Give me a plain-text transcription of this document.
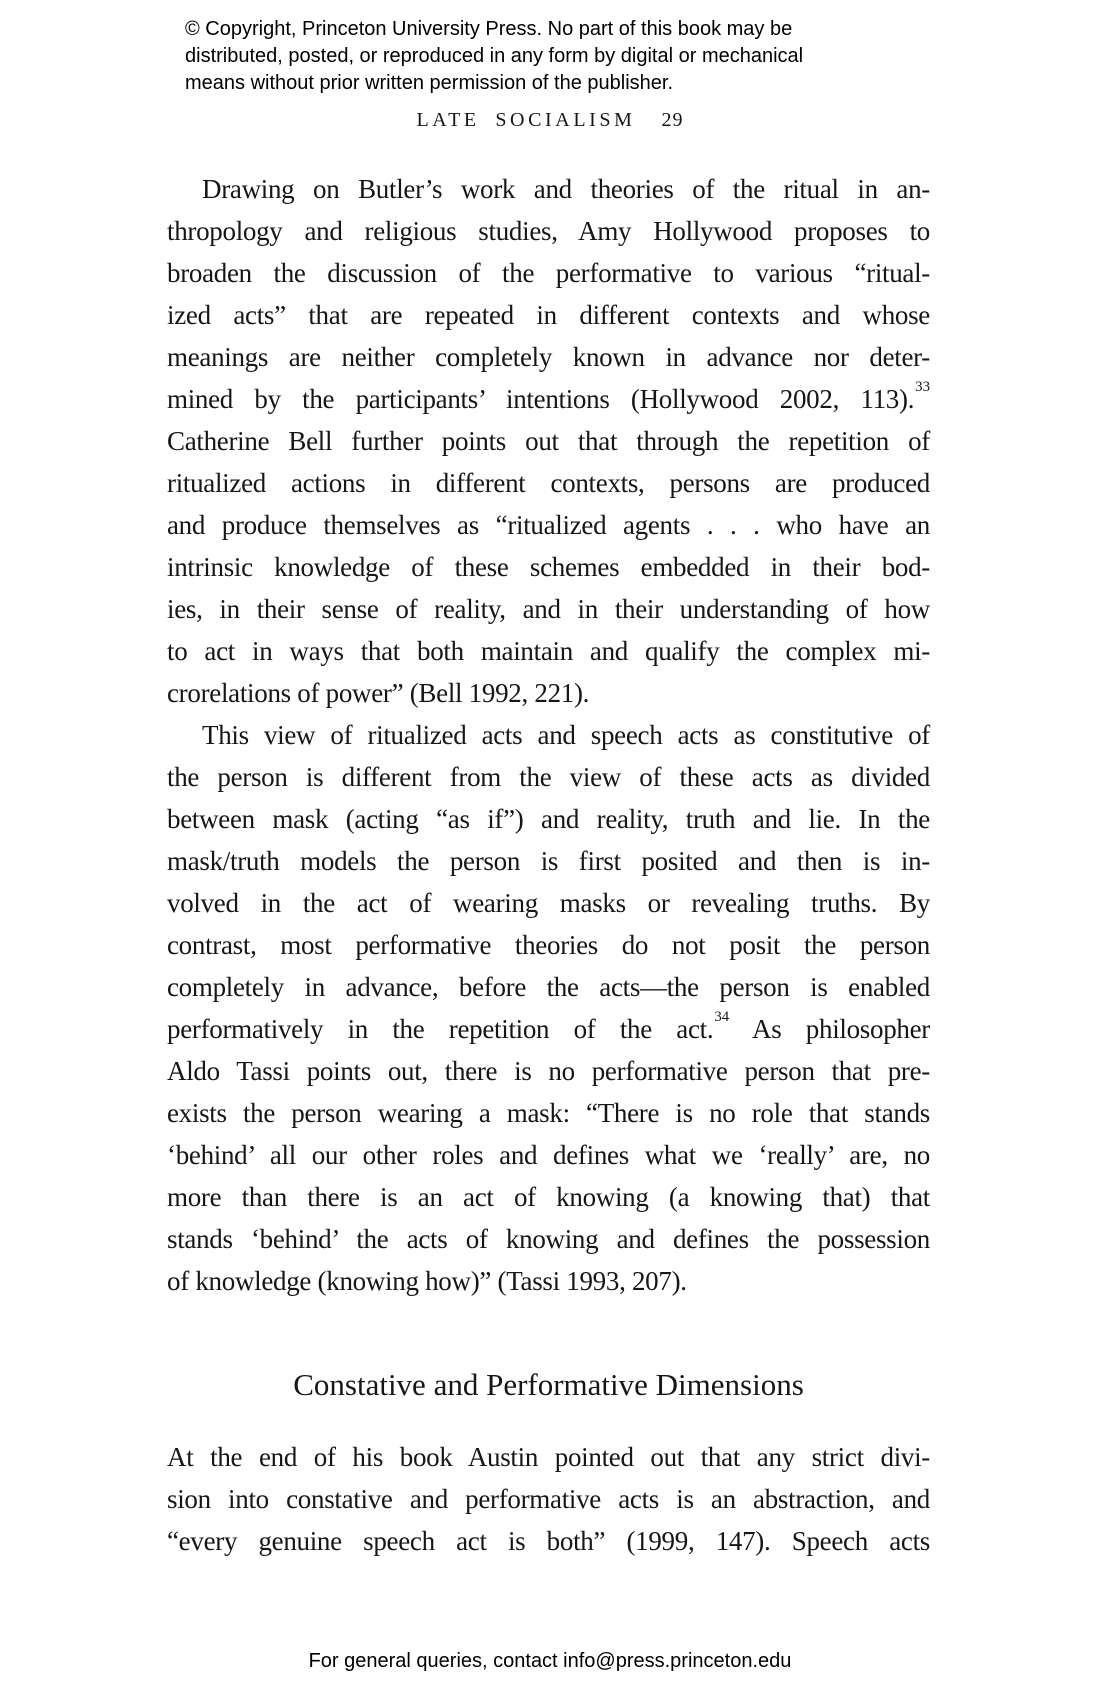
© Copyright, Princeton University Press. No part of this book may be
distributed, posted, or reproduced in any form by digital or mechanical
means without prior written permission of the publisher.
LATE SOCIALISM 29
Drawing on Butler’s work and theories of the ritual in an-
thropology and religious studies, Amy Hollywood proposes to
broaden the discussion of the performative to various “ritual-
ized acts” that are repeated in different contexts and whose
meanings are neither completely known in advance nor deter-
mined by the participants’ intentions (Hollywood 2002, 113).$^{33}$
Catherine Bell further points out that through the repetition of
ritualized actions in different contexts, persons are produced
and produce themselves as “ritualized agents . . . who have an
intrinsic knowledge of these schemes embedded in their bod-
ies, in their sense of reality, and in their understanding of how
to act in ways that both maintain and qualify the complex mi-
crorelations of power” (Bell 1992, 221).
This view of ritualized acts and speech acts as constitutive of
the person is different from the view of these acts as divided
between mask (acting “as if”) and reality, truth and lie. In the
mask/truth models the person is first posited and then is in-
volved in the act of wearing masks or revealing truths. By
contrast, most performative theories do not posit the person
completely in advance, before the acts—the person is enabled
performatively in the repetition of the act.$^{34}$ As philosopher
Aldo Tassi points out, there is no performative person that pre-
exists the person wearing a mask: “There is no role that stands
‘behind’ all our other roles and defines what we ‘really’ are, no
more than there is an act of knowing (a knowing that) that
stands ‘behind’ the acts of knowing and defines the possession
of knowledge (knowing how)” (Tassi 1993, 207).
Constative and Performative Dimensions
At the end of his book Austin pointed out that any strict divi-
sion into constative and performative acts is an abstraction, and
“every genuine speech act is both” (1999, 147). Speech acts
For general queries, contact info@press.princeton.edu
